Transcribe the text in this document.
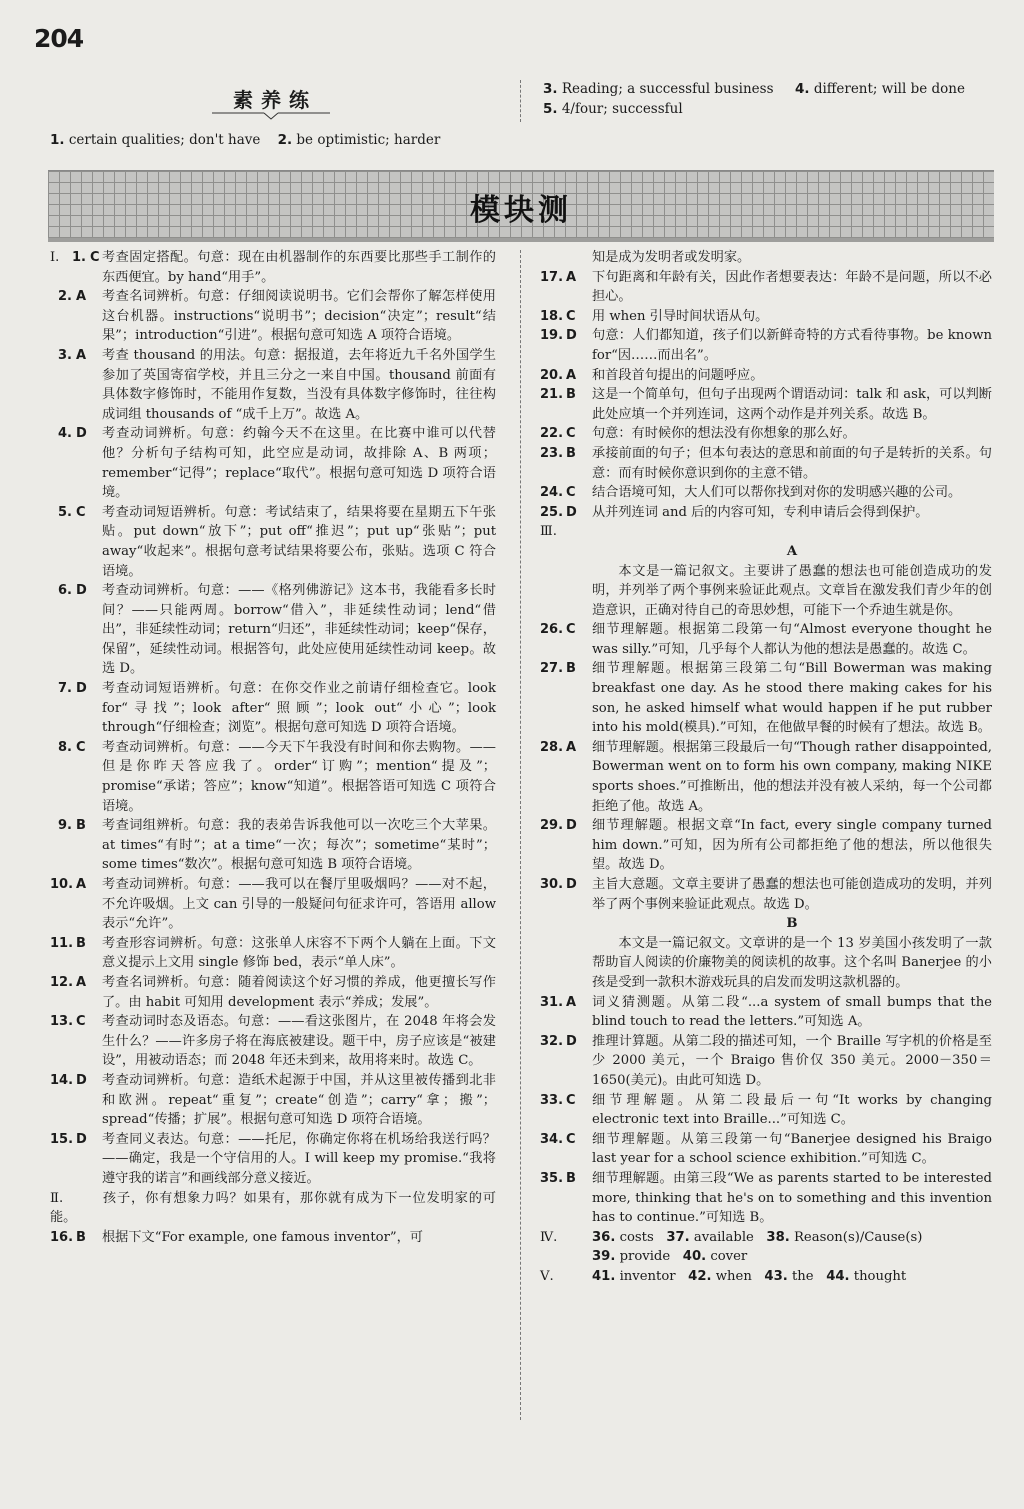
204
素养练
1. certain qualities; don't have 2. be optimistic; harder
3. Reading; a successful business 4. different; will be done
5. 4/four; successful
模块测
Ⅰ. 1. C 考查固定搭配。句意：现在由机器制作的东西要比那些手工制作的东西便宜。by hand“用手”。
2. A	考查名词辨析。句意：仔细阅读说明书。它们会帮你了解怎样使用这台机器。instructions“说明书”；decision“决定”；result“结果”；introduction“引进”。根据句意可知选 A 项符合语境。
3. A	考查 thousand 的用法。句意：据报道，去年将近九千名外国学生参加了英国寄宿学校，并且三分之一来自中国。thousand 前面有具体数字修饰时，不能用作复数，当没有具体数字修饰时，往往构成词组 thousands of “成千上万”。故选 A。
4. D	考查动词辨析。句意：约翰今天不在这里。在比赛中谁可以代替他？分析句子结构可知，此空应是动词，故排除 A、B 两项；remember“记得”；replace“取代”。根据句意可知选 D 项符合语境。
5. C	考查动词短语辨析。句意：考试结束了，结果将要在星期五下午张贴。put down“放下”；put off“推迟”；put up“张贴”；put away“收起来”。根据句意考试结果将要公布，张贴。选项 C 符合语境。
6. D	考查动词辨析。句意：——《格列佛游记》这本书，我能看多长时间？——只能两周。borrow“借入”，非延续性动词；lend“借出”，非延续性动词；return“归还”，非延续性动词；keep“保存，保留”，延续性动词。根据答句，此处应使用延续性动词 keep。故选 D。
7. D	考查动词短语辨析。句意：在你交作业之前请仔细检查它。look for“寻找”；look after“照顾”；look out“小心”；look through“仔细检查；浏览”。根据句意可知选 D 项符合语境。
8. C	考查动词辨析。句意：——今天下午我没有时间和你去购物。——但是你昨天答应我了。order“订购”；mention“提及”；promise“承诺；答应”；know“知道”。根据答语可知选 C 项符合语境。
9. B	考查词组辨析。句意：我的表弟告诉我他可以一次吃三个大苹果。at times“有时”；at a time“一次；每次”；sometime“某时”；some times“数次”。根据句意可知选 B 项符合语境。
10. A	考查动词辨析。句意：——我可以在餐厅里吸烟吗？——对不起，不允许吸烟。上文 can 引导的一般疑问句征求许可，答语用 allow 表示“允许”。
11. B	考查形容词辨析。句意：这张单人床容不下两个人躺在上面。下文意义提示上文用 single 修饰 bed，表示“单人床”。
12. A	考查名词辨析。句意：随着阅读这个好习惯的养成，他更擅长写作了。由 habit 可知用 development 表示“养成；发展”。
13. C	考查动词时态及语态。句意：——看这张图片，在 2048 年将会发生什么？——许多房子将在海底被建设。题干中，房子应该是“被建设”，用被动语态；而 2048 年还未到来，故用将来时。故选 C。
14. D	考查动词辨析。句意：造纸术起源于中国，并从这里被传播到北非和欧洲。repeat“重复”；create“创造”；carry“拿；搬”；spread“传播；扩展”。根据句意可知选 D 项符合语境。
15. D	考查同义表达。句意：——托尼，你确定你将在机场给我送行吗？——确定，我是一个守信用的人。I will keep my promise.“我将遵守我的诺言”和画线部分意义接近。
Ⅱ.	孩子，你有想象力吗？如果有，那你就有成为下一位发明家的可能。
16. B	根据下文“For example, one famous inventor”，可
知是成为发明者或发明家。
17. A	下句距离和年龄有关，因此作者想要表达：年龄不是问题，所以不必担心。
18. C	用 when 引导时间状语从句。
19. D	句意：人们都知道，孩子们以新鲜奇特的方式看待事物。be known for“因……而出名”。
20. A	和首段首句提出的问题呼应。
21. B	这是一个简单句，但句子出现两个谓语动词：talk 和 ask，可以判断此处应填一个并列连词，这两个动作是并列关系。故选 B。
22. C	句意：有时候你的想法没有你想象的那么好。
23. B	承接前面的句子；但本句表达的意思和前面的句子是转折的关系。句意：而有时候你意识到你的主意不错。
24. C	结合语境可知，大人们可以帮你找到对你的发明感兴趣的公司。
25. D	从并列连词 and 后的内容可知，专利申请后会得到保护。
Ⅲ.
A
本文是一篇记叙文。主要讲了愚蠢的想法也可能创造成功的发明，并列举了两个事例来验证此观点。文章旨在激发我们青少年的创造意识，正确对待自己的奇思妙想，可能下一个乔迪生就是你。
26. C	细节理解题。根据第二段第一句“Almost everyone thought he was silly.”可知，几乎每个人都认为他的想法是愚蠢的。故选 C。
27. B	细节理解题。根据第三段第二句“Bill Bowerman was making breakfast one day. As he stood there making cakes for his son, he asked himself what would happen if he put rubber into his mold(模具).”可知，在他做早餐的时候有了想法。故选 B。
28. A	细节理解题。根据第三段最后一句“Though rather disappointed, Bowerman went on to form his own company, making NIKE sports shoes.”可推断出，他的想法并没有被人采纳，每一个公司都拒绝了他。故选 A。
29. D	细节理解题。根据文章“In fact, every single company turned him down.”可知，因为所有公司都拒绝了他的想法，所以他很失望。故选 D。
30. D	主旨大意题。文章主要讲了愚蠢的想法也可能创造成功的发明，并列举了两个事例来验证此观点。故选 D。
B
本文是一篇记叙文。文章讲的是一个 13 岁美国小孩发明了一款帮助盲人阅读的价廉物美的阅读机的故事。这个名叫 Banerjee 的小孩是受到一款积木游戏玩具的启发而发明这款机器的。
31. A	词义猜测题。从第二段“...a system of small bumps that the blind touch to read the letters.”可知选 A。
32. D	推理计算题。从第二段的描述可知，一个 Braille 写字机的价格是至少 2000 美元，一个 Braigo 售价仅 350 美元。2000－350＝1650(美元)。由此可知选 D。
33. C	细节理解题。从第二段最后一句“It works by changing electronic text into Braille...”可知选 C。
34. C	细节理解题。从第三段第一句“Banerjee designed his Braigo last year for a school science exhibition.”可知选 C。
35. B	细节理解题。由第三段“We as parents started to be interested more, thinking that he's on to something and this invention has to continue.”可知选 B。
Ⅳ.	36. costs 37. available 38. Reason(s)/Cause(s)
39. provide 40. cover
Ⅴ.	41. inventor 42. when 43. the 44. thought
